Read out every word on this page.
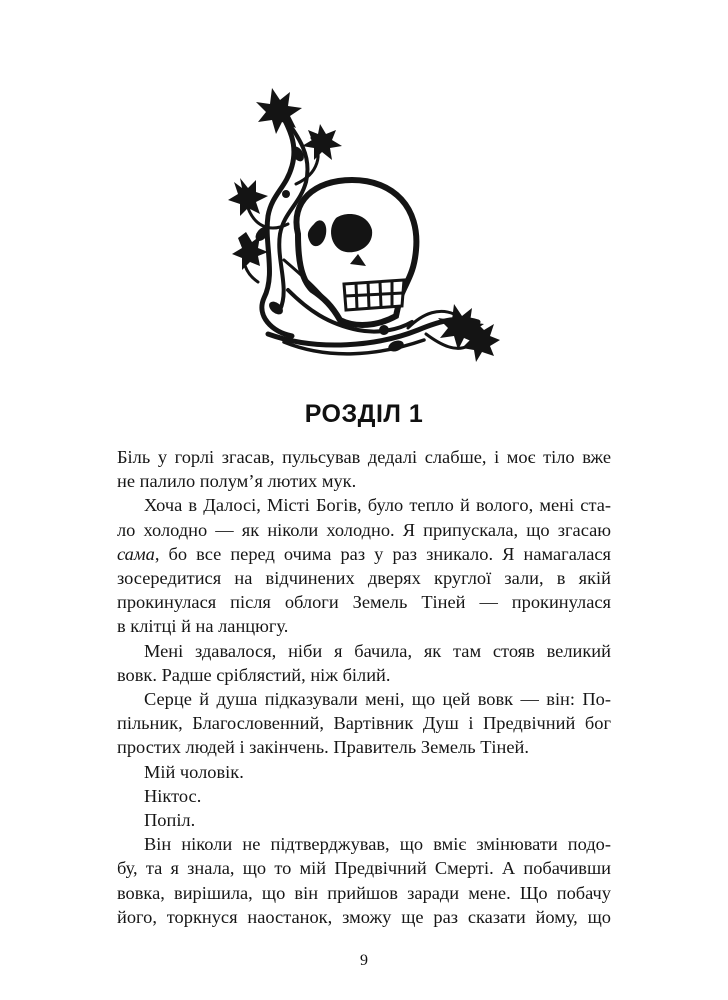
РОЗДІЛ 1

Біль у горлі згасав, пульсував дедалі слабше, і моє тіло вже

не палило полум’я лютих мук.

Хоча в Далосі, Місті Богів, було тепло й вологo, мені ста-

ло холодно — як ніколи холодно. Я припускала, що згасаю

сама, бо все перед очима раз у раз зникало. Я намагалася

зосередитися на відчинених дверях круглої зали, в якій

прокинулася після облоги Земель Тіней — прокинулася

в клітці й на ланцюгу.

Мені здавалося, ніби я бачила, як там стояв великий

вовк. Радше сріблястий, ніж білий.

Серце й душа підказували мені, що цей вовк — він: По-

пільник, Благословенний, Вартівник Душ і Предвічний бог

простих людей і закінчень. Правитель Земель Тіней.

Мій чоловік.

Ніктос.

Попіл.

Він ніколи не підтверджував, що вміє змінювати подо-

бу, та я знала, що то мій Предвічний Смерті. А побачивши

вовка, вирішила, що він прийшов заради мене. Що побачу

його, торкнуся наостанок, зможу ще раз сказати йому, що

9
